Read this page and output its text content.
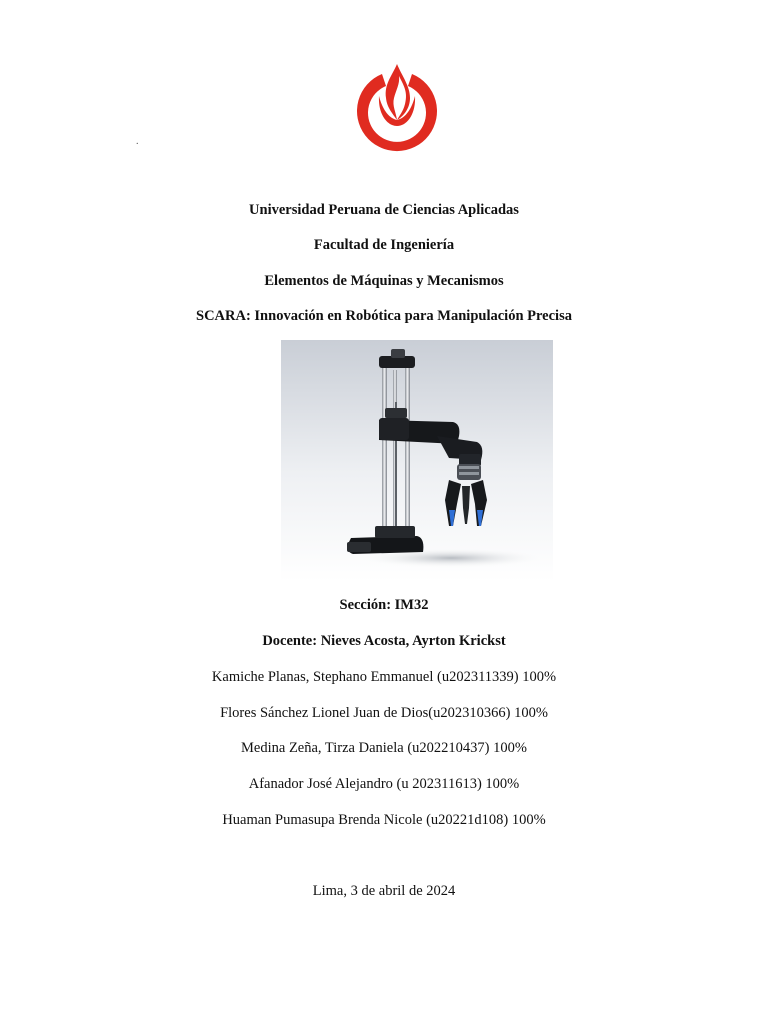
.
Universidad Peruana de Ciencias Aplicadas
Facultad de Ingeniería
Elementos de Máquinas y Mecanismos
SCARA: Innovación en Robótica para Manipulación Precisa
Sección: IM32
Docente: Nieves Acosta, Ayrton Krickst
Kamiche Planas, Stephano Emmanuel (u202311339) 100%
Flores Sánchez Lionel Juan de Dios(u202310366) 100%
Medina Zeña, Tirza Daniela (u202210437) 100%
Afanador José Alejandro (u 202311613) 100%
Huaman Pumasupa Brenda Nicole (u20221d108) 100%
Lima, 3 de abril de 2024
